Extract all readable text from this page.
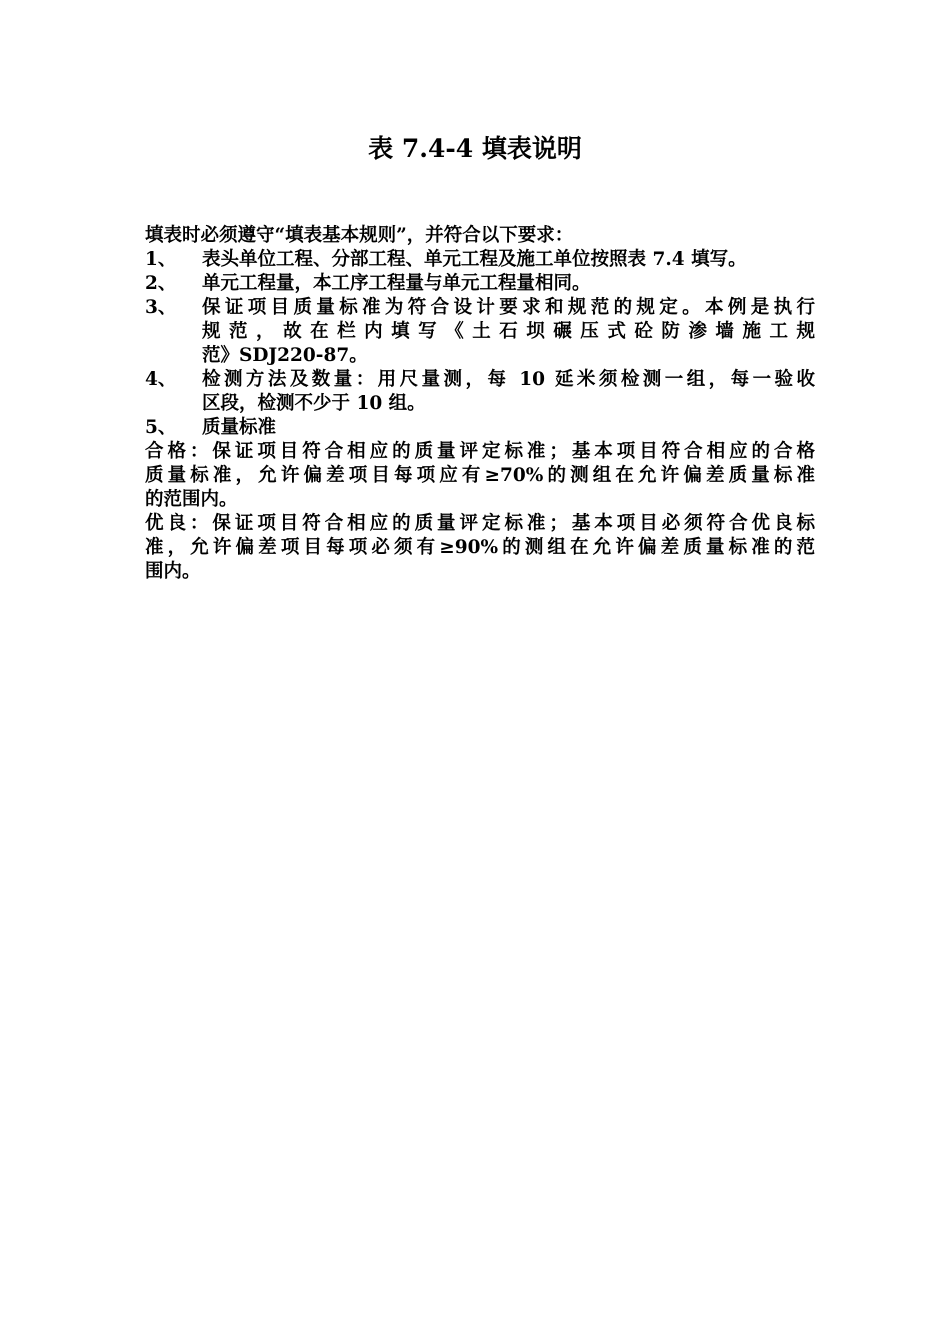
表 7.4-4 填表说明

填表时必须遵守“填表基本规则”，并符合以下要求：

1、	表头单位工程、分部工程、单元工程及施工单位按照表 7.4 填写。
2、	单元工程量，本工序工程量与单元工程量相同。
3、	保证项目质量标准为符合设计要求和规范的规定。本例是执行
规范，故在栏内填写《土石坝碾压式砼防渗墙施工规
范》SDJ220-87。
4、	检测方法及数量：用尺量测，每 10 延米须检测一组，每一验收
区段，检测不少于 10 组。
5、	质量标准
合格：保证项目符合相应的质量评定标准；基本项目符合相应的合格
质量标准，允许偏差项目每项应有≥70%的测组在允许偏差质量标准
的范围内。
优良：保证项目符合相应的质量评定标准；基本项目必须符合优良标
准，允许偏差项目每项必须有≥90%的测组在允许偏差质量标准的范
围内。
